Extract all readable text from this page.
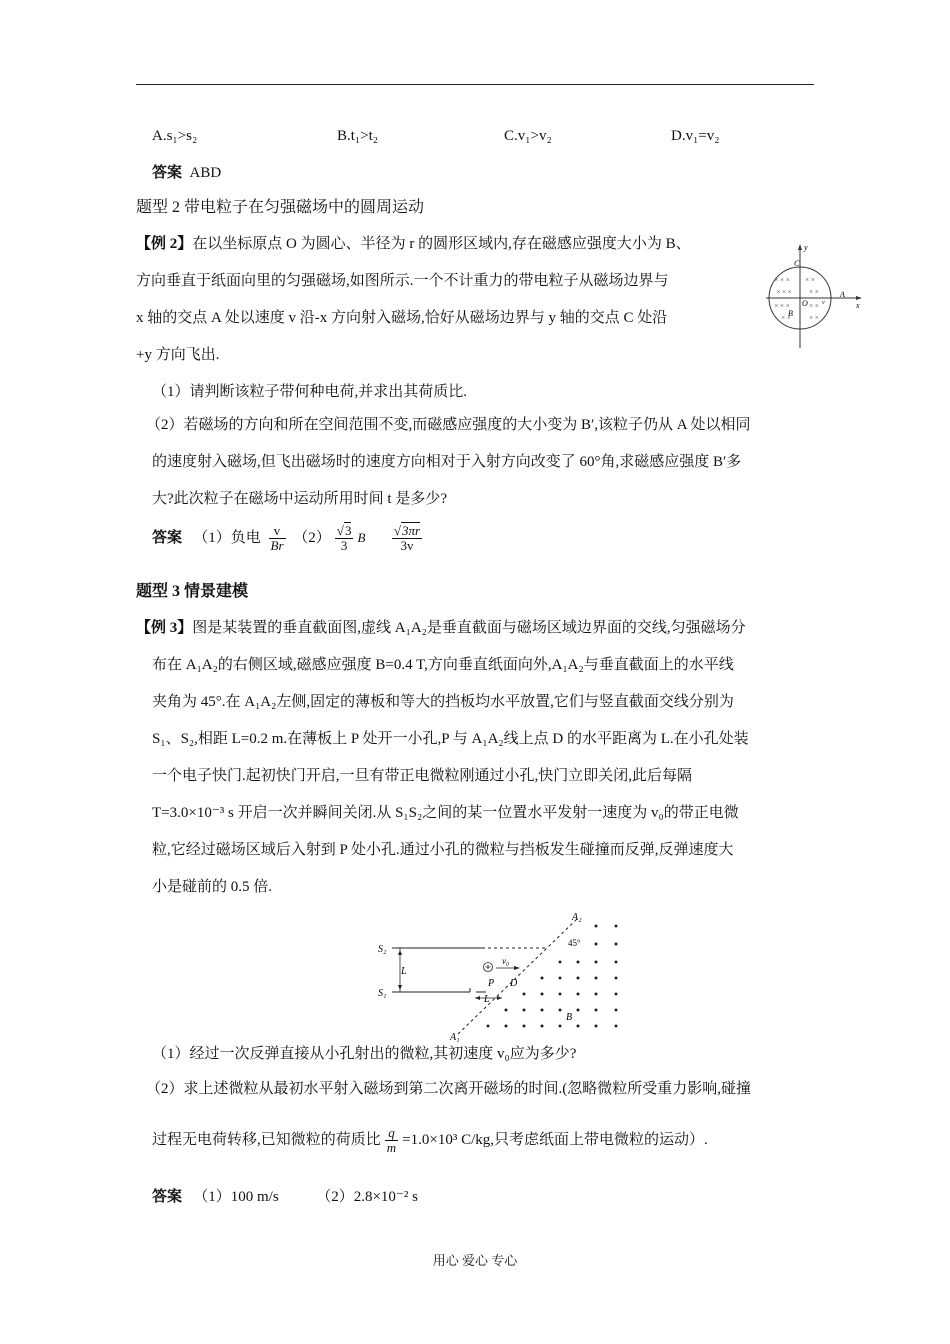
A.s₁>s₂	B.t₁>t₂	C.v₁>v₂	D.v₁=v₂
答案 ABD
题型 2 带电粒子在匀强磁场中的圆周运动
【例 2】在以坐标原点 O 为圆心、半径为 r 的圆形区域内,存在磁感应强度大小为 B、
方向垂直于纸面向里的匀强磁场,如图所示.一个不计重力的带电粒子从磁场边界与
x 轴的交点 A 处以速度 v 沿-x 方向射入磁场,恰好从磁场边界与 y 轴的交点 C 处沿
+y 方向飞出.
× × × × ×
× × ×	× ×
× × ×	× ×
× ×	× ×
y
x
C
A
O
B
v
（1）请判断该粒子带何种电荷,并求出其荷质比.
（2）若磁场的方向和所在空间范围不变,而磁感应强度的大小变为 B′,该粒子仍从 A 处以相同
的速度射入磁场,但飞出磁场时的速度方向相对于入射方向改变了 60°角,求磁感应强度 B′多
大?此次粒子在磁场中运动所用时间 t 是多少?
答案 （1）负电 $\frac{v}{Br} (2) \frac{√3}{3}$ B $\frac{√3\pi r}{3v}$
题型 3 情景建模
【例 3】图是某装置的垂直截面图,虚线 A₁A₂是垂直截面与磁场区域边界面的交线,匀强磁场分
布在 A₁A₂的右侧区域,磁感应强度 B=0.4 T,方向垂直纸面向外,A₁A₂与垂直截面上的水平线
夹角为 45°.在 A₁A₂左侧,固定的薄板和等大的挡板均水平放置,它们与竖直截面交线分别为
S₁、S₂,相距 L=0.2 m.在薄板上 P 处开一小孔,P 与 A₁A₂线上点 D 的水平距离为 L.在小孔处装
一个电子快门.起初快门开启,一旦有带正电微粒刚通过小孔,快门立即关闭,此后每隔
T=3.0×10⁻³ s 开启一次并瞬间关闭.从 S₁S₂之间的某一位置水平发射一速度为 v₀的带正电微
粒,它经过磁场区域后入射到 P 处小孔.通过小孔的微粒与挡板发生碰撞而反弹,反弹速度大
小是碰前的 0.5 倍.
A₂
A₁
S₂
S₁
L
L
v₀
P D
B
45°
（1）经过一次反弹直接从小孔射出的微粒,其初速度 v₀应为多少?
（2）求上述微粒从最初水平射入磁场到第二次离开磁场的时间.(忽略微粒所受重力影响,碰撞
过程无电荷转移,已知微粒的荷质比 $\frac{q}{m} =1.0\times 10^3$ C/kg,只考虑纸面上带电微粒的运动）.
答案 （1）100 m/s	（2）2.8×10⁻² s
用心 爱心 专心
